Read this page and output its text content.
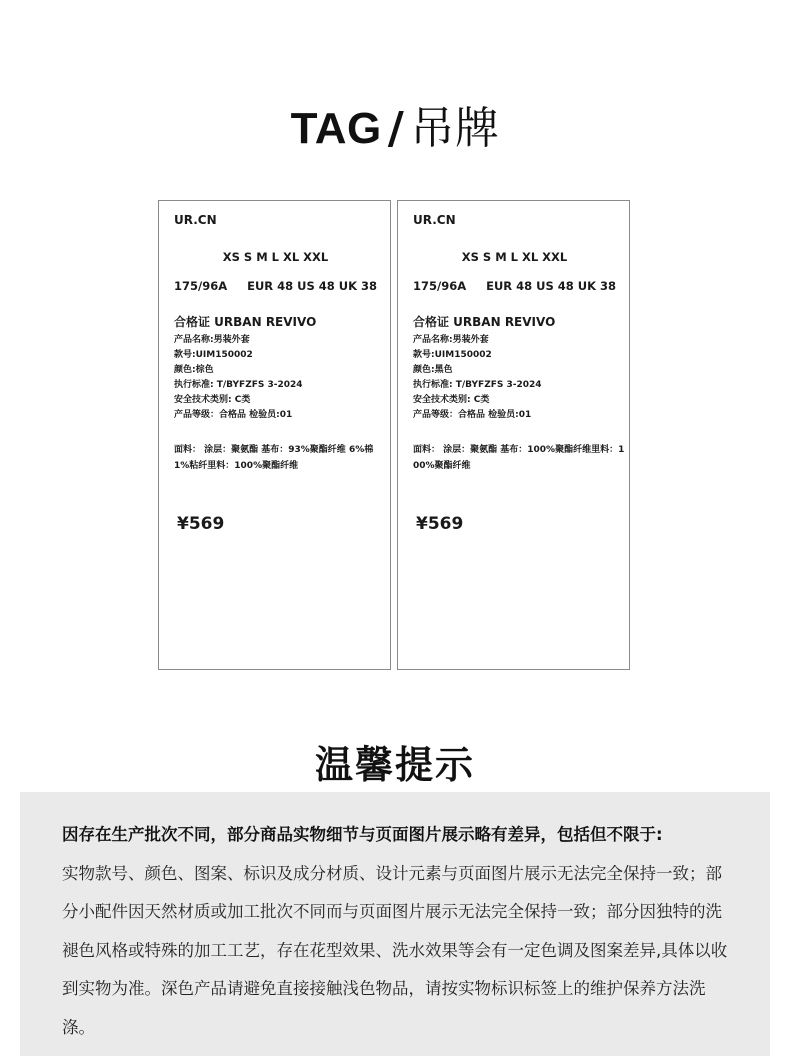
TAG / 吊牌
UR.CN
XS S M L XL XXL
175/96A EUR 48 US 48 UK 38
合格证 URBAN REVIVO
产品名称:男装外套
款号:UIM150002
颜色:棕色
执行标准: T/BYFZFS 3-2024
安全技术类别: C类
产品等级：合格品 检验员:01
面料： 涂层：聚氨酯 基布：93%聚酯纤维 6%棉 1%粘纤里料：100%聚酯纤维
¥569
UR.CN
XS S M L XL XXL
175/96A EUR 48 US 48 UK 38
合格证 URBAN REVIVO
产品名称:男装外套
款号:UIM150002
颜色:黑色
执行标准: T/BYFZFS 3-2024
安全技术类别: C类
产品等级：合格品 检验员:01
面料： 涂层：聚氨酯 基布：100%聚酯纤维里料：100%聚酯纤维
¥569
温馨提示

因存在生产批次不同，部分商品实物细节与页面图片展示略有差异，包括但不限于:
实物款号、颜色、图案、标识及成分材质、设计元素与页面图片展示无法完全保持一致；部分小配件因天然材质或加工批次不同而与页面图片展示无法完全保持一致；部分因独特的洗褪色风格或特殊的加工工艺，存在花型效果、洗水效果等会有一定色调及图案差异,具体以收到实物为准。深色产品请避免直接接触浅色物品，请按实物标识标签上的维护保养方法洗涤。
